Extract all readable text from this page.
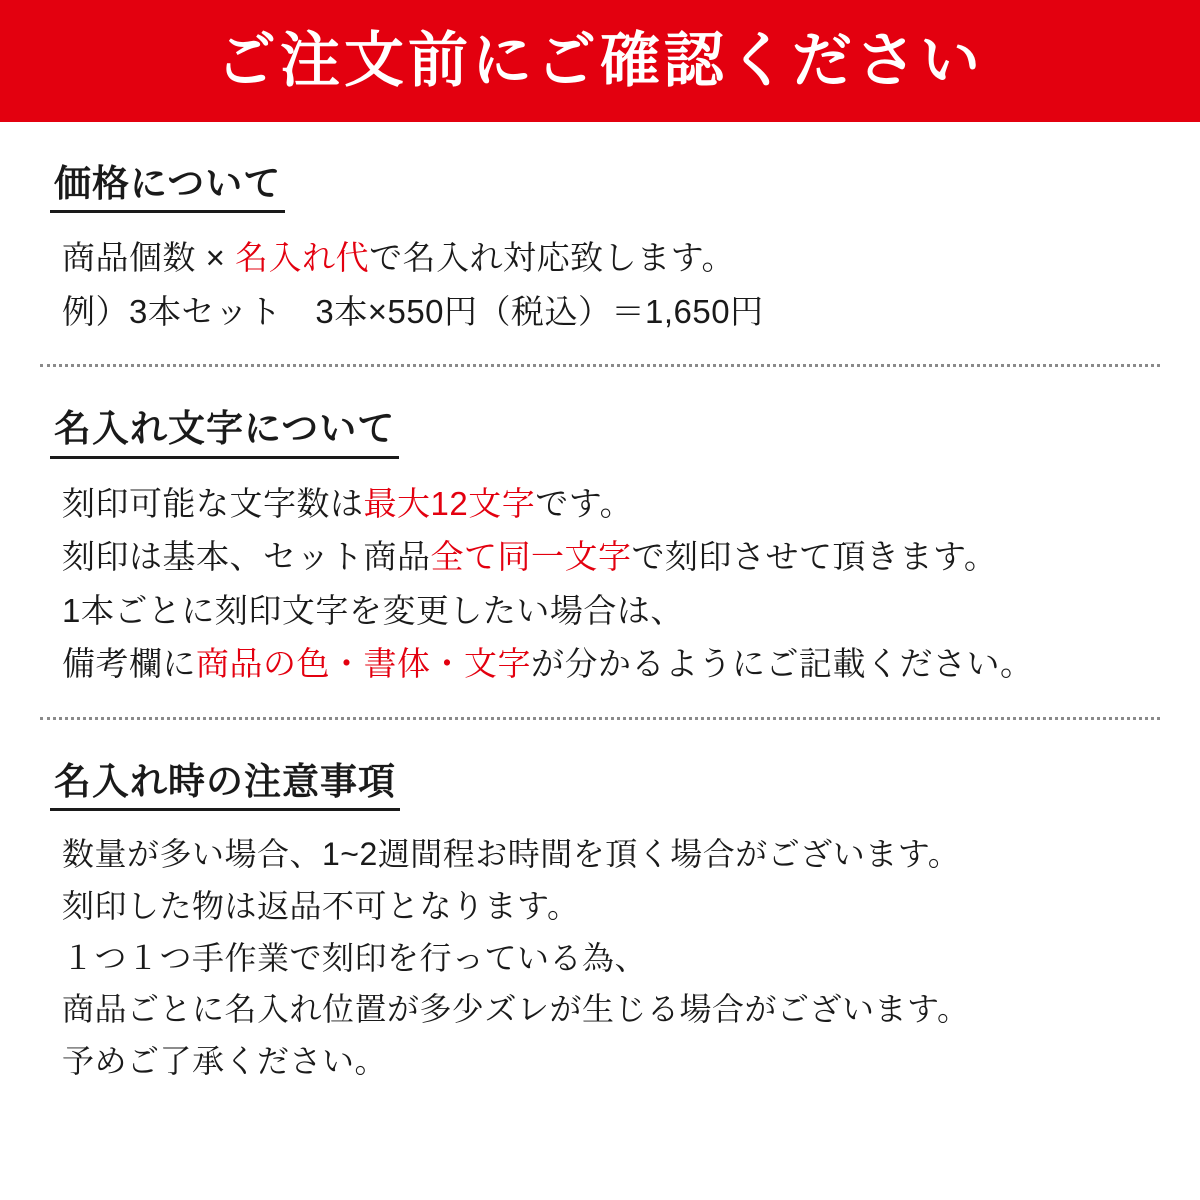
ご注文前にご確認ください
価格について
商品個数 × 名入れ代で名入れ対応致します。
例）3本セット　3本×550円（税込）＝1,650円
名入れ文字について
刻印可能な文字数は最大12文字です。
刻印は基本、セット商品全て同一文字で刻印させて頂きます。
1本ごとに刻印文字を変更したい場合は、
備考欄に商品の色・書体・文字が分かるようにご記載ください。
名入れ時の注意事項
数量が多い場合、1~2週間程お時間を頂く場合がございます。
刻印した物は返品不可となります。
１つ１つ手作業で刻印を行っている為、
商品ごとに名入れ位置が多少ズレが生じる場合がございます。
予めご了承ください。
